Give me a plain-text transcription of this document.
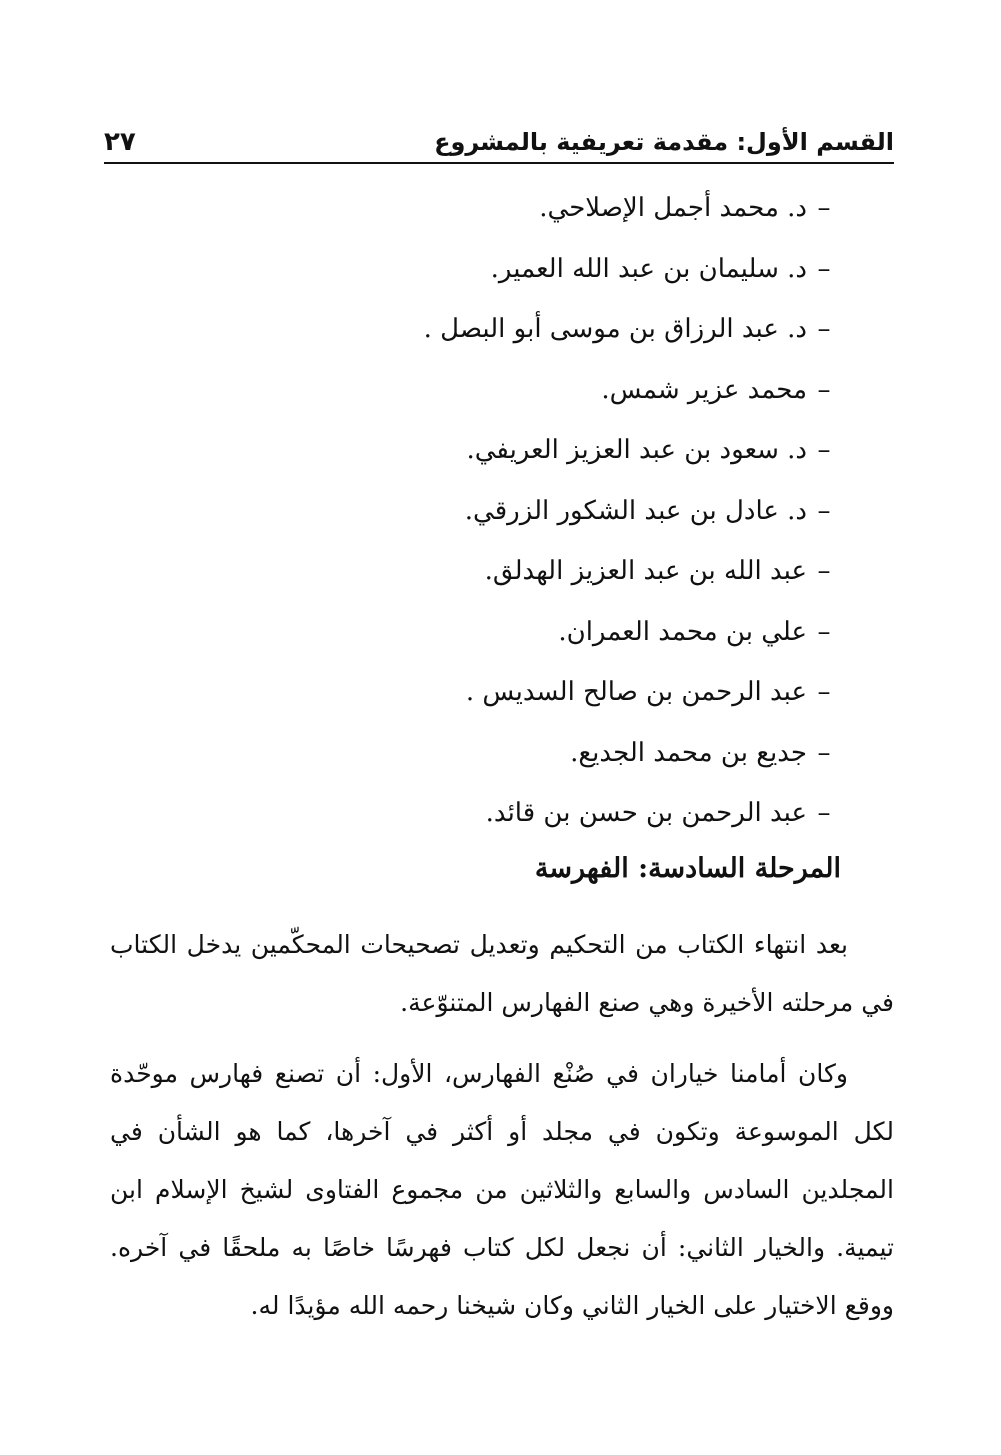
القسم الأول: مقدمة تعريفية بالمشروع
٢٧
–د. محمد أجمل الإصلاحي.
–د. سليمان بن عبد الله العمير.
–د. عبد الرزاق بن موسى أبو البصل .
–محمد عزير شمس.
–د. سعود بن عبد العزيز العريفي.
–د. عادل بن عبد الشكور الزرقي.
–عبد الله بن عبد العزيز الهدلق.
–علي بن محمد العمران.
–عبد الرحمن بن صالح السديس .
–جديع بن محمد الجديع.
–عبد الرحمن بن حسن بن قائد.
المرحلة السادسة: الفهرسة

بعد انتهاء الكتاب من التحكيم وتعديل تصحيحات المحكّمين يدخل الكتاب في مرحلته الأخيرة وهي صنع الفهارس المتنوّعة.

وكان أمامنا خياران في صُنْع الفهارس، الأول: أن تصنع فهارس موحّدة لكل الموسوعة وتكون في مجلد أو أكثر في آخرها، كما هو الشأن في المجلدين السادس والسابع والثلاثين من مجموع الفتاوى لشيخ الإسلام ابن تيمية. والخيار الثاني: أن نجعل لكل كتاب فهرسًا خاصًا به ملحقًا في آخره. ووقع الاختيار على الخيار الثاني وكان شيخنا رحمه الله مؤيدًا له.
